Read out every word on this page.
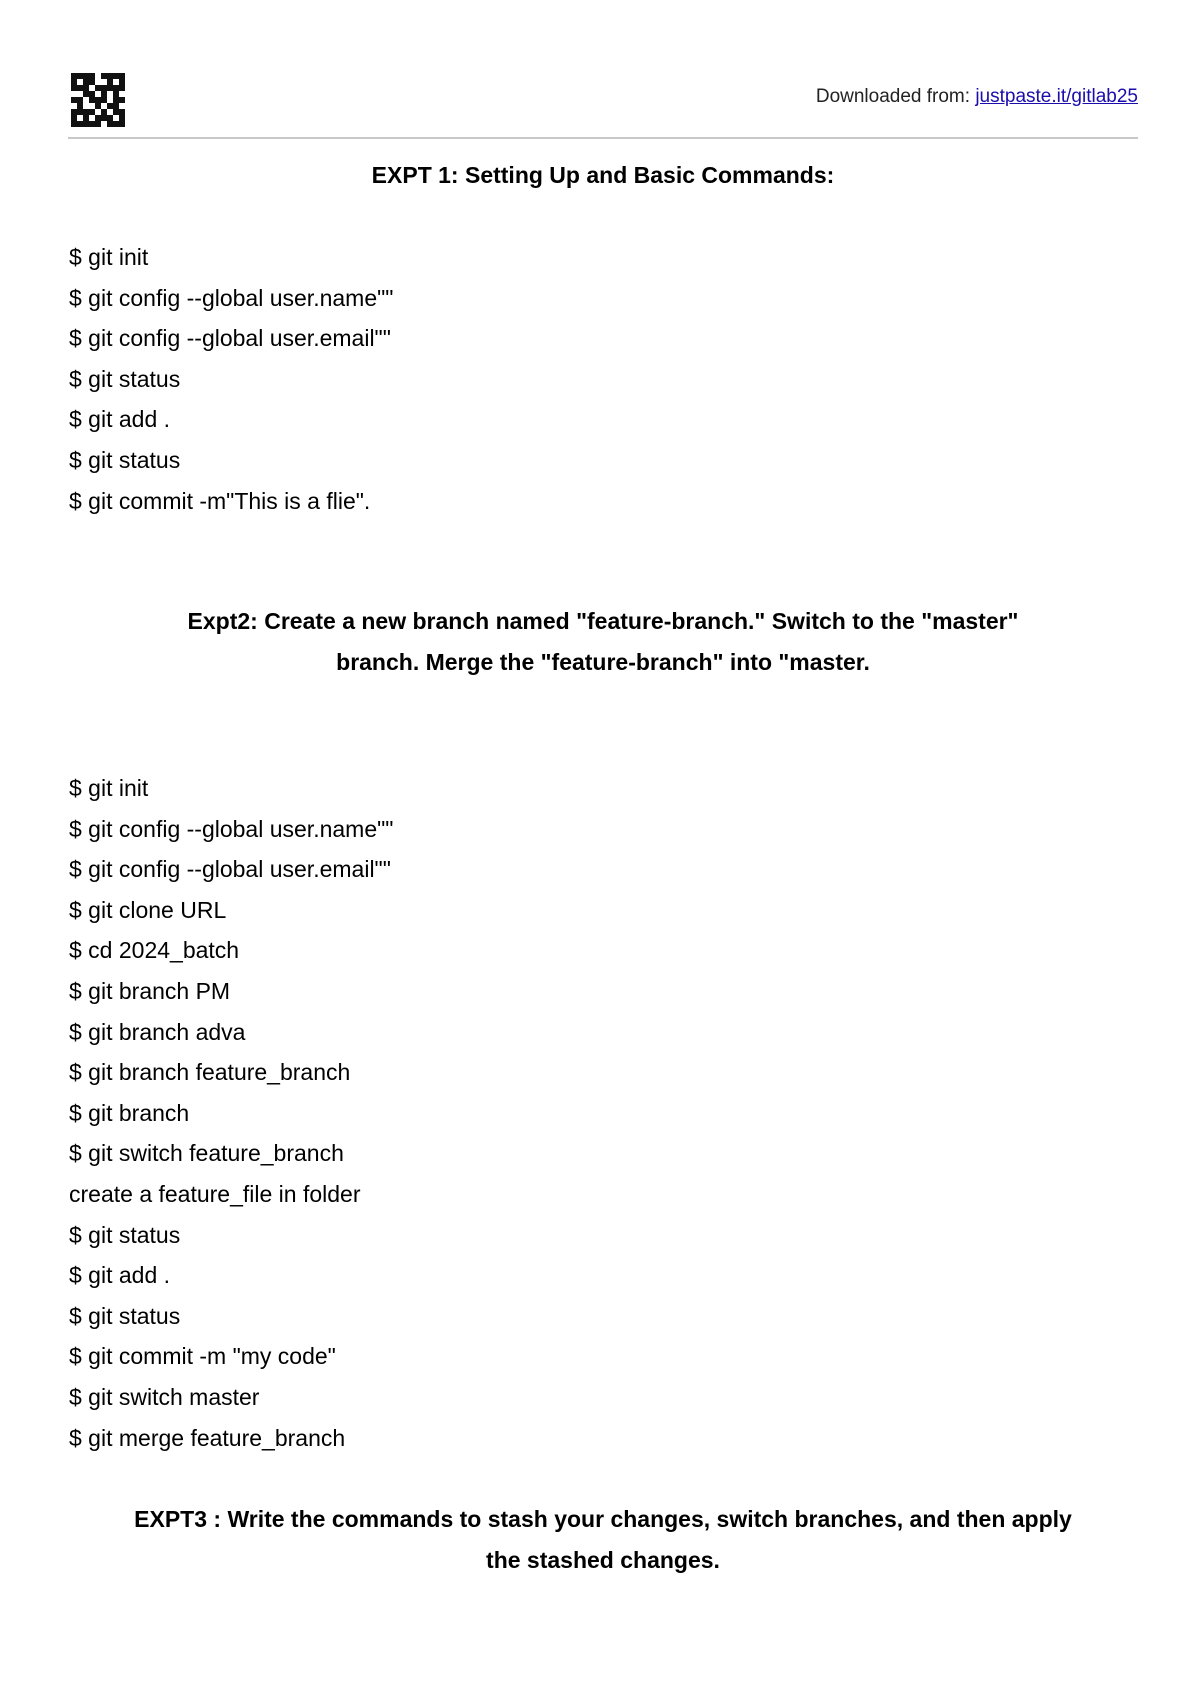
Downloaded from: justpaste.it/gitlab25
EXPT 1: Setting Up and Basic Commands:
$ git init
$ git config --global user.name""
$ git config --global user.email""
$ git status
$ git add .
$ git status
$ git commit -m"This is a flie".
Expt2: Create a new branch named "feature-branch." Switch to the "master"
branch. Merge the "feature-branch" into "master.
$ git init
$ git config --global user.name""
$ git config --global user.email""
$ git clone URL
$ cd 2024_batch
$ git branch PM
$ git branch adva
$ git branch feature_branch
$ git branch
$ git switch feature_branch
create a feature_file in folder
$ git status
$ git add .
$ git status
$ git commit -m "my code"
$ git switch master
$ git merge feature_branch
EXPT3 : Write the commands to stash your changes, switch branches, and then apply
the stashed changes.
